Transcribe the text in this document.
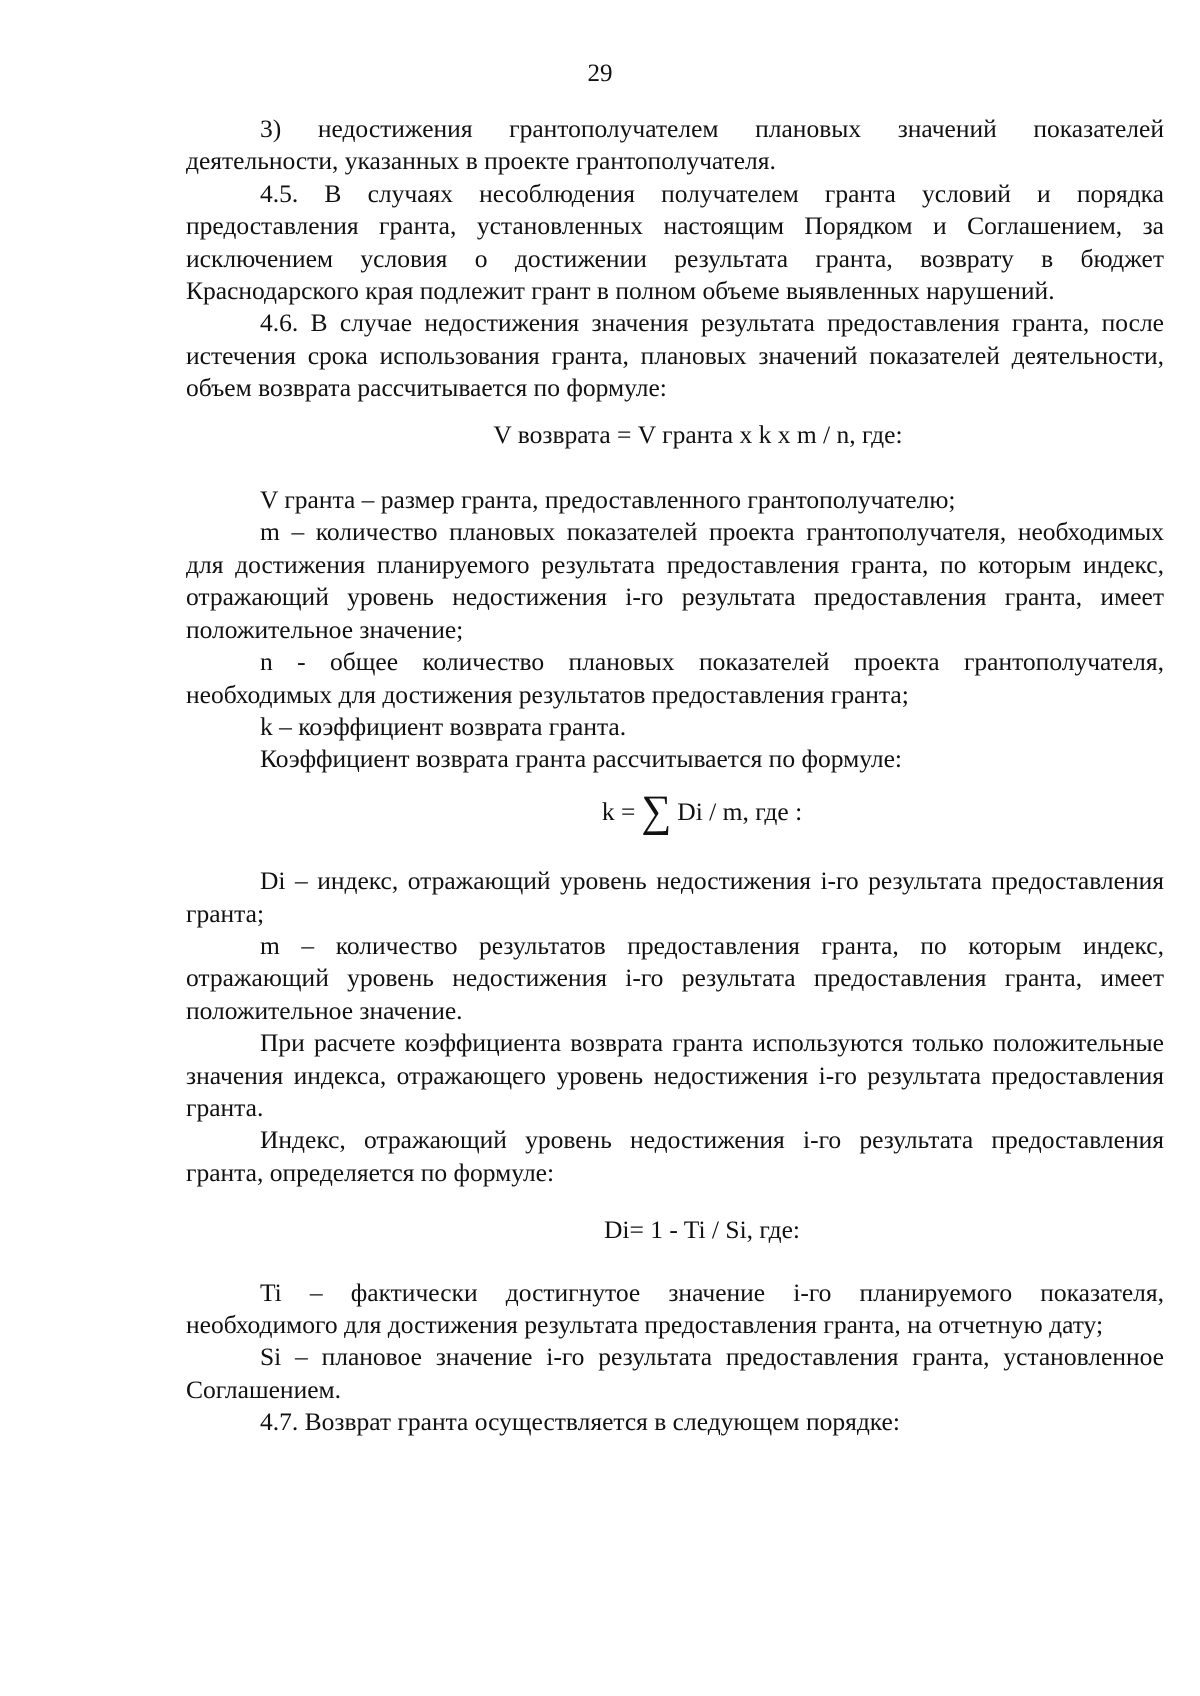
29

3) недостижения грантополучателем плановых значений показателей деятельности, указанных в проекте грантополучателя.

4.5. В случаях несоблюдения получателем гранта условий и порядка предоставления гранта, установленных настоящим Порядком и Соглашением, за исключением условия о достижении результата гранта, возврату в бюджет Краснодарского края подлежит грант в полном объеме выявленных нарушений.

4.6. В случае недостижения значения результата предоставления гранта, после истечения срока использования гранта, плановых значений показателей деятельности, объем возврата рассчитывается по формуле:

V возврата = V гранта х k х m / n, где:

V гранта – размер гранта, предоставленного грантополучателю;

m – количество плановых показателей проекта грантополучателя, необходимых для достижения планируемого результата предоставления гранта, по которым индекс, отражающий уровень недостижения i-го результата предоставления гранта, имеет положительное значение;

n - общее количество плановых показателей проекта грантополучателя, необходимых для достижения результатов предоставления гранта;

k – коэффициент возврата гранта.

Коэффициент возврата гранта рассчитывается по формуле:

k = ∑ Di / m, где :

Di – индекс, отражающий уровень недостижения i-го результата предоставления гранта;

m – количество результатов предоставления гранта, по которым индекс, отражающий уровень недостижения i-го результата предоставления гранта, имеет положительное значение.

При расчете коэффициента возврата гранта используются только положительные значения индекса, отражающего уровень недостижения i-го результата предоставления гранта.

Индекс, отражающий уровень недостижения i-го результата предоставления гранта, определяется по формуле:

Di= 1 - Ti / Si, где:

Ti – фактически достигнутое значение i-го планируемого показателя, необходимого для достижения результата предоставления гранта, на отчетную дату;

Si – плановое значение i-го результата предоставления гранта, установленное Соглашением.

4.7. Возврат гранта осуществляется в следующем порядке:
